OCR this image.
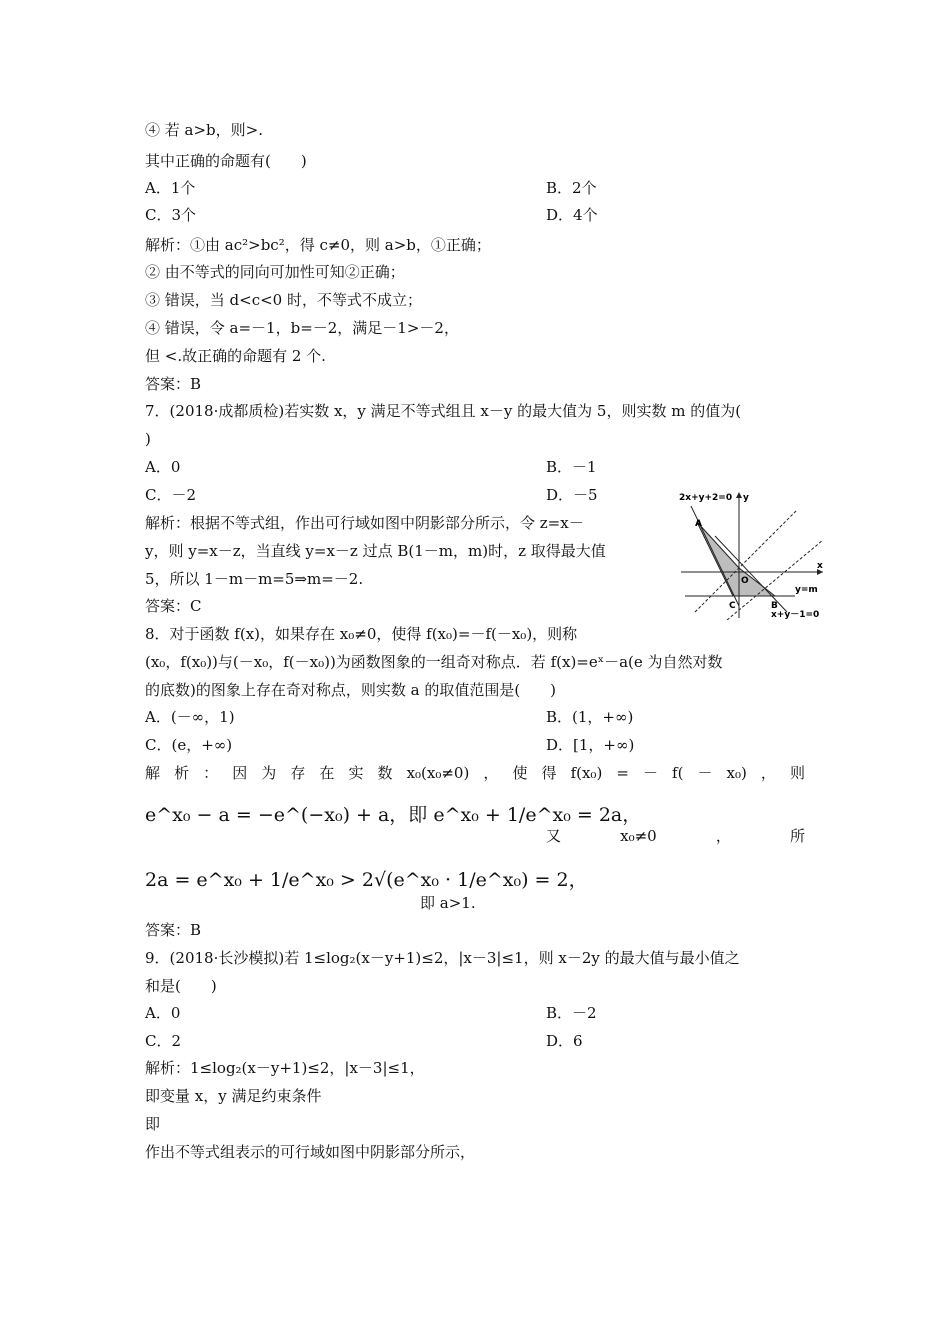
④ 若 a>b，则>.
其中正确的命题有(　　)
A．1个	B．2个
C．3个	D．4个
解析：①由 ac²>bc²，得 c≠0，则 a>b，①正确；
② 由不等式的同向可加性可知②正确；
③ 错误，当 d<c<0 时，不等式不成立；
④ 错误，令 a=－1，b=－2，满足－1>－2，
但 <.故正确的命题有 2 个.
答案：B
7．(2018·成都质检)若实数 x，y 满足不等式组且 x－y 的最大值为 5，则实数 m 的值为(
)
A．0	B．－1
C．－2	D．－5
解析：根据不等式组，作出可行域如图中阴影部分所示，令 z=x－
y，则 y=x－z，当直线 y=x－z 过点 B(1－m，m)时，z 取得最大值
5，所以 1－m－m=5⇒m=－2.
答案：C
8．对于函数 f(x)，如果存在 x₀≠0，使得 f(x₀)=－f(－x₀)，则称
(x₀，f(x₀))与(－x₀，f(－x₀))为函数图象的一组奇对称点．若 f(x)=eˣ－a(e 为自然对数
的底数)的图象上存在奇对称点，则实数 a 的取值范围是(　　)
A．(－∞，1)	B．(1，+∞)
C．(e，+∞)	D．[1，+∞)
解 析 ： 因 为 存 在 实 数 x₀(x₀≠0) ， 使 得 f(x₀) = － f( － x₀) ， 则
e^x₀ − a = −e^(−x₀) + a，即 e^x₀ + 1/e^x₀ = 2a，
又	x₀≠0	，	所
2a = e^x₀ + 1/e^x₀ > 2√(e^x₀ · 1/e^x₀) = 2，
即 a>1.
答案：B
9．(2018·长沙模拟)若 1≤log₂(x－y+1)≤2，|x－3|≤1，则 x－2y 的最大值与最小值之
和是(　　)
A．0	B．－2
C．2	D．6
解析：1≤log₂(x－y+1)≤2，|x－3|≤1，
即变量 x，y 满足约束条件
即
作出不等式组表示的可行域如图中阴影部分所示，
2x+y+2=0 y
x
A
O
C	B
y=m
x+y－1=0
